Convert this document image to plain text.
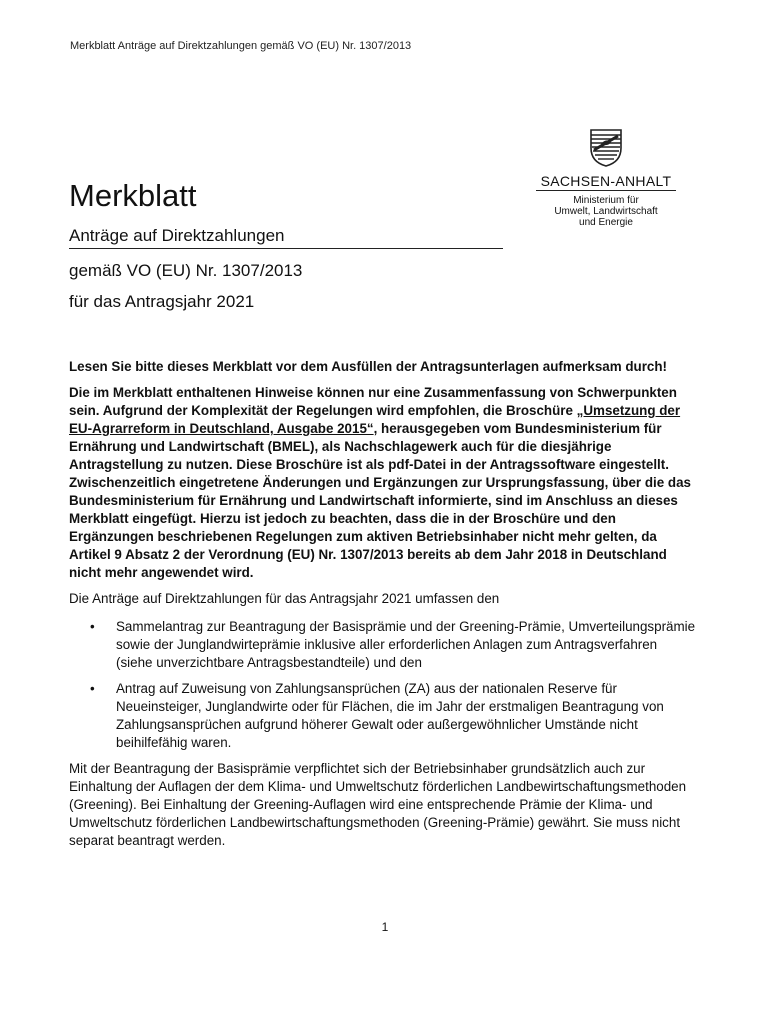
Merkblatt Anträge auf Direktzahlungen gemäß VO (EU) Nr. 1307/2013
SACHSEN-ANHALT
Ministerium für
Umwelt, Landwirtschaft
und Energie
Merkblatt
Anträge auf Direktzahlungen
gemäß VO (EU) Nr. 1307/2013
für das Antragsjahr 2021

Lesen Sie bitte dieses Merkblatt vor dem Ausfüllen der Antragsunterlagen aufmerksam durch!

Die im Merkblatt enthaltenen Hinweise können nur eine Zusammenfassung von Schwerpunkten sein. Aufgrund der Komplexität der Regelungen wird empfohlen, die Broschüre „Umsetzung der EU-Agrarreform in Deutschland, Ausgabe 2015“, herausgegeben vom Bundesministerium für Ernährung und Landwirtschaft (BMEL), als Nachschlagewerk auch für die diesjährige Antragstellung zu nutzen. Diese Broschüre ist als pdf-Datei in der Antragssoftware eingestellt. Zwischenzeitlich eingetretene Änderungen und Ergänzungen zur Ursprungsfassung, über die das Bundesministerium für Ernährung und Landwirtschaft informierte, sind im Anschluss an dieses Merkblatt eingefügt. Hierzu ist jedoch zu beachten, dass die in der Broschüre und den Ergänzungen beschriebenen Regelungen zum aktiven Betriebsinhaber nicht mehr gelten, da Artikel 9 Absatz 2 der Verordnung (EU) Nr. 1307/2013 bereits ab dem Jahr 2018 in Deutschland nicht mehr angewendet wird.

Die Anträge auf Direktzahlungen für das Antragsjahr 2021 umfassen den

• Sammelantrag zur Beantragung der Basisprämie und der Greening-Prämie, Umverteilungsprämie sowie der Junglandwirteprämie inklusive aller erforderlichen Anlagen zum Antragsverfahren (siehe unverzichtbare Antragsbestandteile) und den
• Antrag auf Zuweisung von Zahlungsansprüchen (ZA) aus der nationalen Reserve für Neueinsteiger, Junglandwirte oder für Flächen, die im Jahr der erstmaligen Beantragung von Zahlungsansprüchen aufgrund höherer Gewalt oder außergewöhnlicher Umstände nicht beihilfefähig waren.

Mit der Beantragung der Basisprämie verpflichtet sich der Betriebsinhaber grundsätzlich auch zur Einhaltung der Auflagen der dem Klima- und Umweltschutz förderlichen Landbewirtschaftungsmethoden (Greening). Bei Einhaltung der Greening-Auflagen wird eine entsprechende Prämie der Klima- und Umweltschutz förderlichen Landbewirtschaftungsmethoden (Greening-Prämie) gewährt. Sie muss nicht separat beantragt werden.

1
